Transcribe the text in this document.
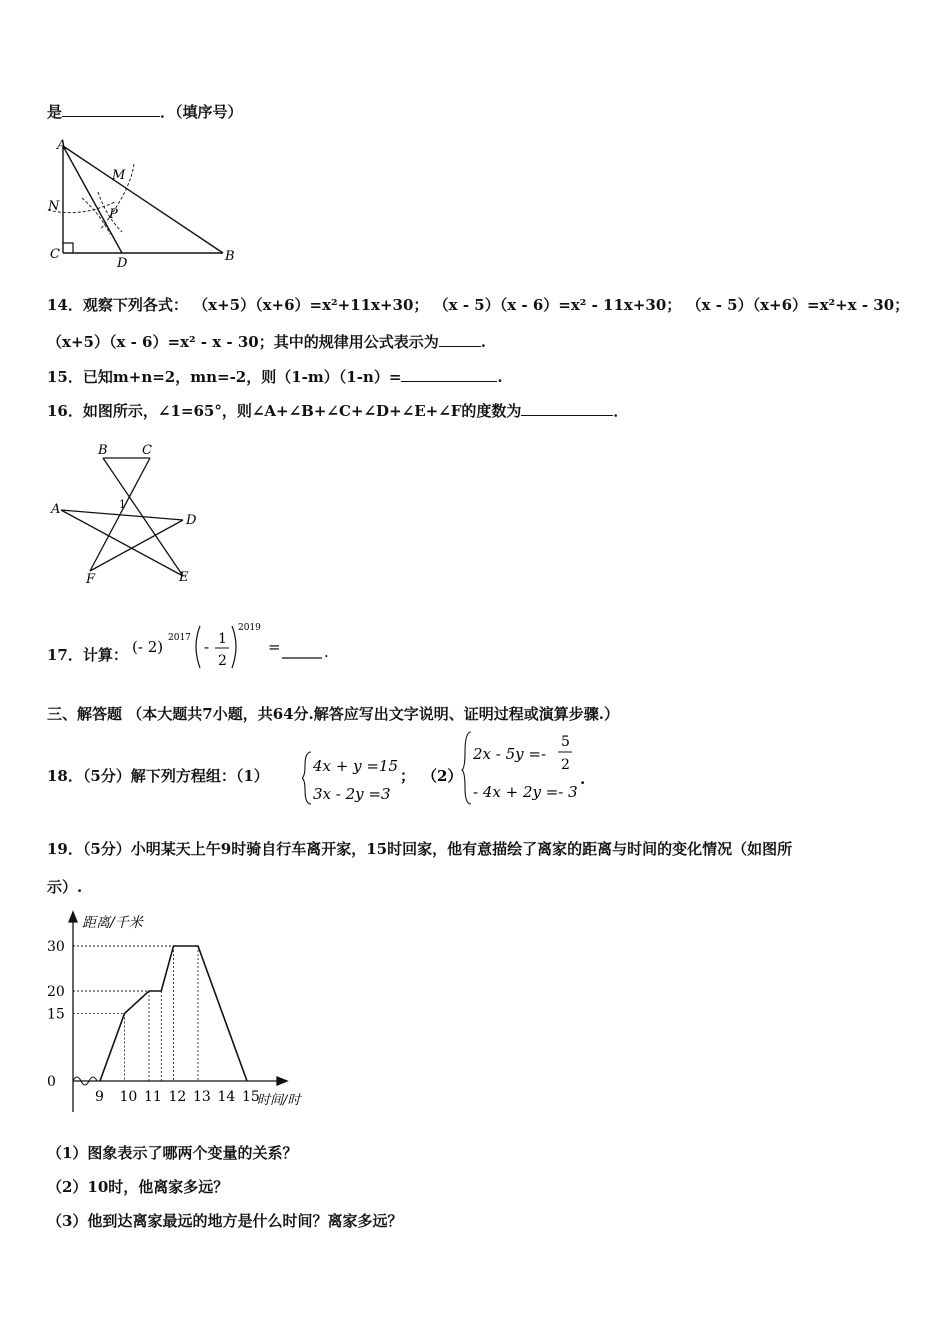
是	．（填序号）
A
M
N
P
C
D	B
14．观察下列各式： （x+5）（x+6）=x²+11x+30； （x - 5）（x - 6）=x² - 11x+30； （x - 5）（x+6）=x²+x - 30；
（x+5）（x - 6）=x² - x - 30；其中的规律用公式表示为	.
15．已知m+n=2，mn=-2，则（1-m）（1-n）=	.
16．如图所示，∠1=65°，则∠A+∠B+∠C+∠D+∠E+∠F的度数为	．
B	C
A
D
F	E
1
17．计算： (- 2) 2017 - 1
2
2019
=	.
三、解答题 （本大题共7小题，共64分.解答应写出文字说明、证明过程或演算步骤.）
18．（5分）解下列方程组：（1）
4x + y =15
3x - 2y =3
； （2）
2x - 5y =-
5
2
- 4x + 2y =- 3
.
19．（5分）小明某天上午9时骑自行车离开家，15时回家，他有意描绘了离家的距离与时间的变化情况（如图所
示）.
距离/千米
时间/时
9 10 11 12 13 14 15
0
15
20
30
（1）图象表示了哪两个变量的关系？
（2）10时，他离家多远？
（3）他到达离家最远的地方是什么时间？离家多远？
